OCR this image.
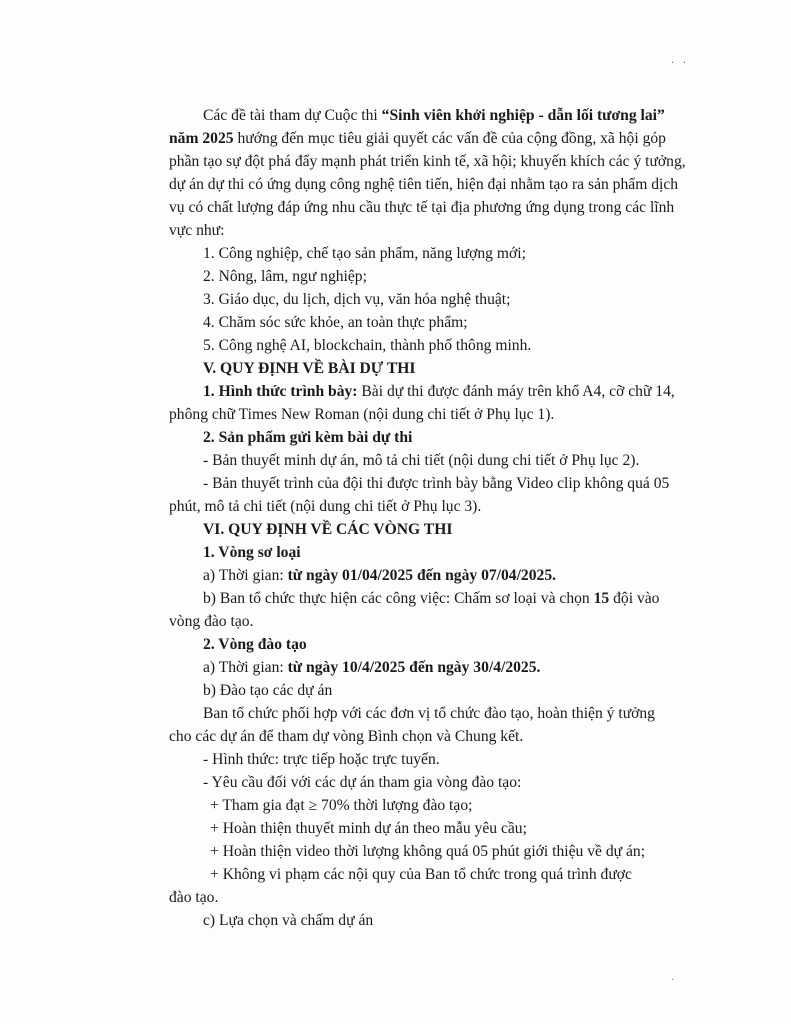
· ·
·
Các đề tài tham dự Cuộc thi “Sinh viên khởi nghiệp - dẫn lối tương lai”
năm 2025 hướng đến mục tiêu giải quyết các vấn đề của cộng đồng, xã hội góp
phần tạo sự đột phá đẩy mạnh phát triển kinh tế, xã hội; khuyến khích các ý tưởng,
dự án dự thi có ứng dụng công nghệ tiên tiến, hiện đại nhằm tạo ra sản phẩm dịch
vụ có chất lượng đáp ứng nhu cầu thực tế tại địa phương ứng dụng trong các lĩnh
vực như:
1. Công nghiệp, chế tạo sản phẩm, năng lượng mới;
2. Nông, lâm, ngư nghiệp;
3. Giáo dục, du lịch, dịch vụ, văn hóa nghệ thuật;
4. Chăm sóc sức khỏe, an toàn thực phẩm;
5. Công nghệ AI, blockchain, thành phố thông minh.
V. QUY ĐỊNH VỀ BÀI DỰ THI
1. Hình thức trình bày: Bài dự thi được đánh máy trên khổ A4, cỡ chữ 14,
phông chữ Times New Roman (nội dung chi tiết ở Phụ lục 1).
2. Sản phẩm gửi kèm bài dự thi
- Bản thuyết minh dự án, mô tả chi tiết (nội dung chi tiết ở Phụ lục 2).
- Bản thuyết trình của đội thi được trình bày bằng Video clip không quá 05
phút, mô tả chi tiết (nội dung chi tiết ở Phụ lục 3).
VI. QUY ĐỊNH VỀ CÁC VÒNG THI
1. Vòng sơ loại
a) Thời gian: từ ngày 01/04/2025 đến ngày 07/04/2025.
b) Ban tổ chức thực hiện các công việc: Chấm sơ loại và chọn 15 đội vào
vòng đào tạo.
2. Vòng đào tạo
a) Thời gian: từ ngày 10/4/2025 đến ngày 30/4/2025.
b) Đào tạo các dự án
Ban tổ chức phối hợp với các đơn vị tổ chức đào tạo, hoàn thiện ý tưởng
cho các dự án để tham dự vòng Bình chọn và Chung kết.
- Hình thức: trực tiếp hoặc trực tuyến.
- Yêu cầu đối với các dự án tham gia vòng đào tạo:
+ Tham gia đạt ≥ 70% thời lượng đào tạo;
+ Hoàn thiện thuyết minh dự án theo mẫu yêu cầu;
+ Hoàn thiện video thời lượng không quá 05 phút giới thiệu về dự án;
+ Không vi phạm các nội quy của Ban tổ chức trong quá trình được
đào tạo.
c) Lựa chọn và chấm dự án
